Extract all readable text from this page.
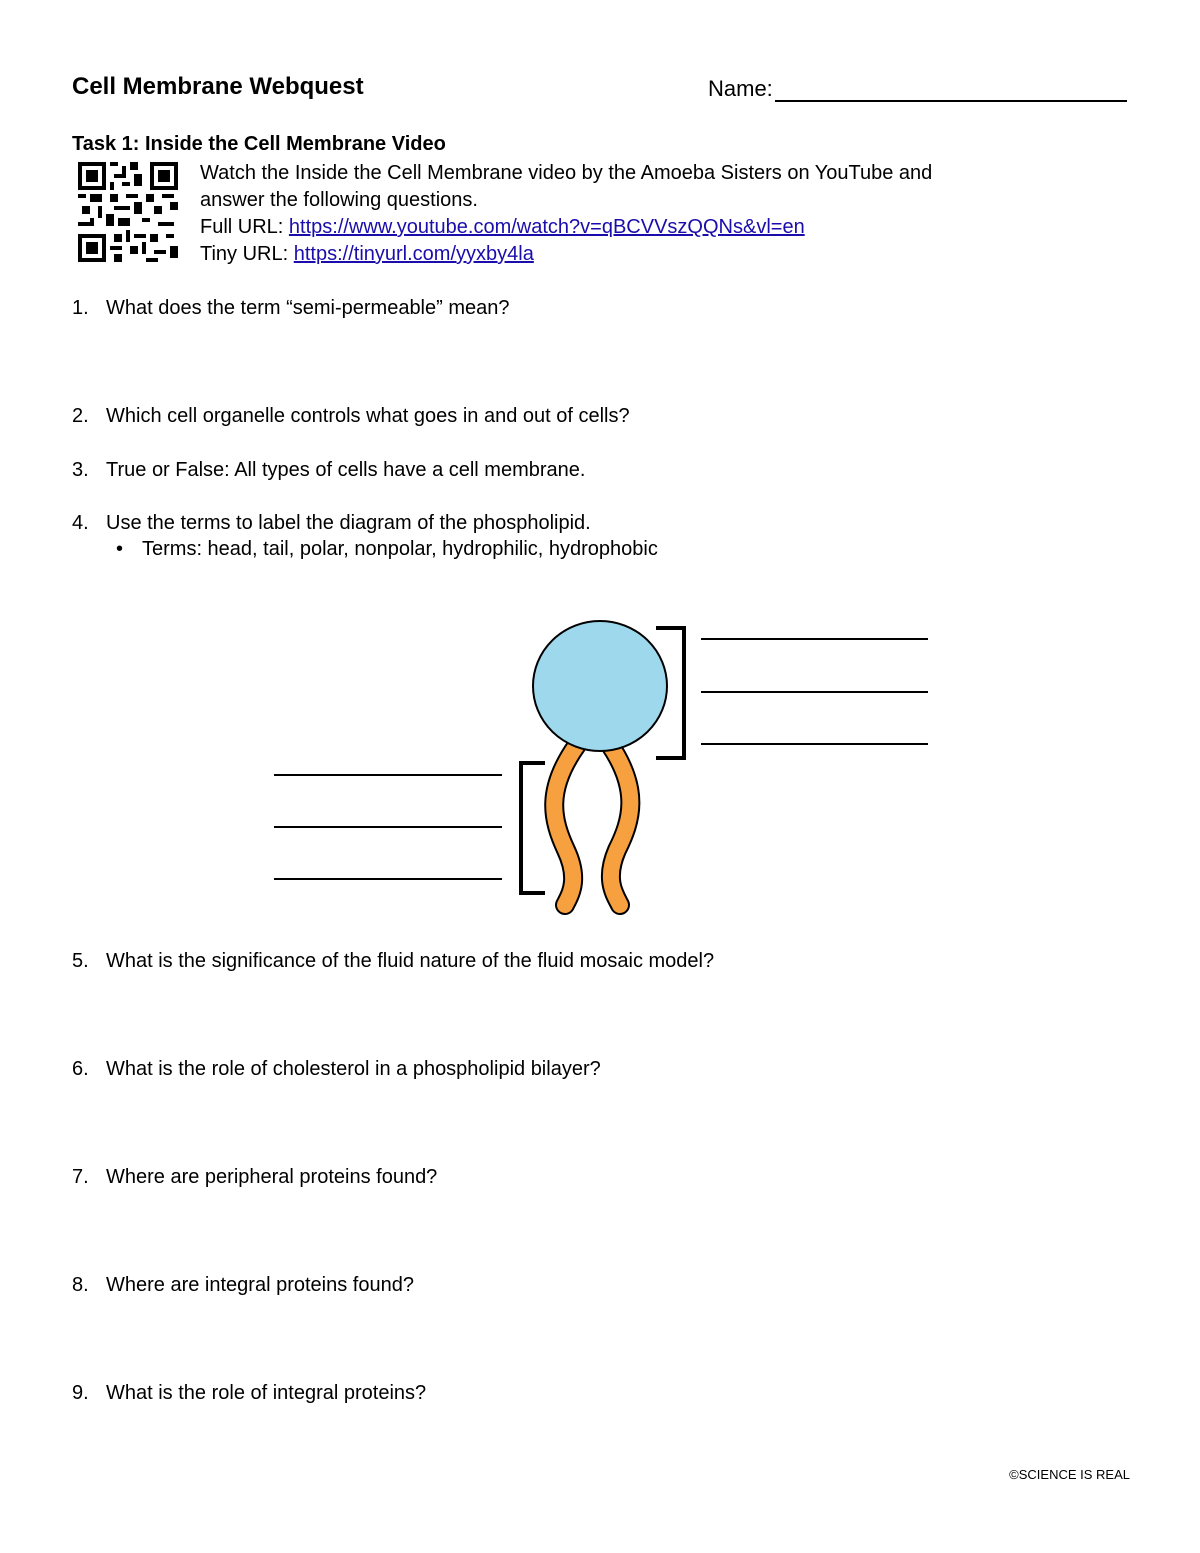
Cell Membrane Webquest	Name:
Task 1: Inside the Cell Membrane Video
Watch the Inside the Cell Membrane video by the Amoeba Sisters on YouTube and
answer the following questions.
Full URL: https://www.youtube.com/watch?v=qBCVVszQQNs&vl=en
Tiny URL: https://tinyurl.com/yyxby4la
1. What does the term “semi-permeable” mean?
2. Which cell organelle controls what goes in and out of cells?
3. True or False: All types of cells have a cell membrane.
4. Use the terms to label the diagram of the phospholipid.
• Terms: head, tail, polar, nonpolar, hydrophilic, hydrophobic
5. What is the significance of the fluid nature of the fluid mosaic model?
6. What is the role of cholesterol in a phospholipid bilayer?
7. Where are peripheral proteins found?
8. Where are integral proteins found?
9. What is the role of integral proteins?
©SCIENCE IS REAL
